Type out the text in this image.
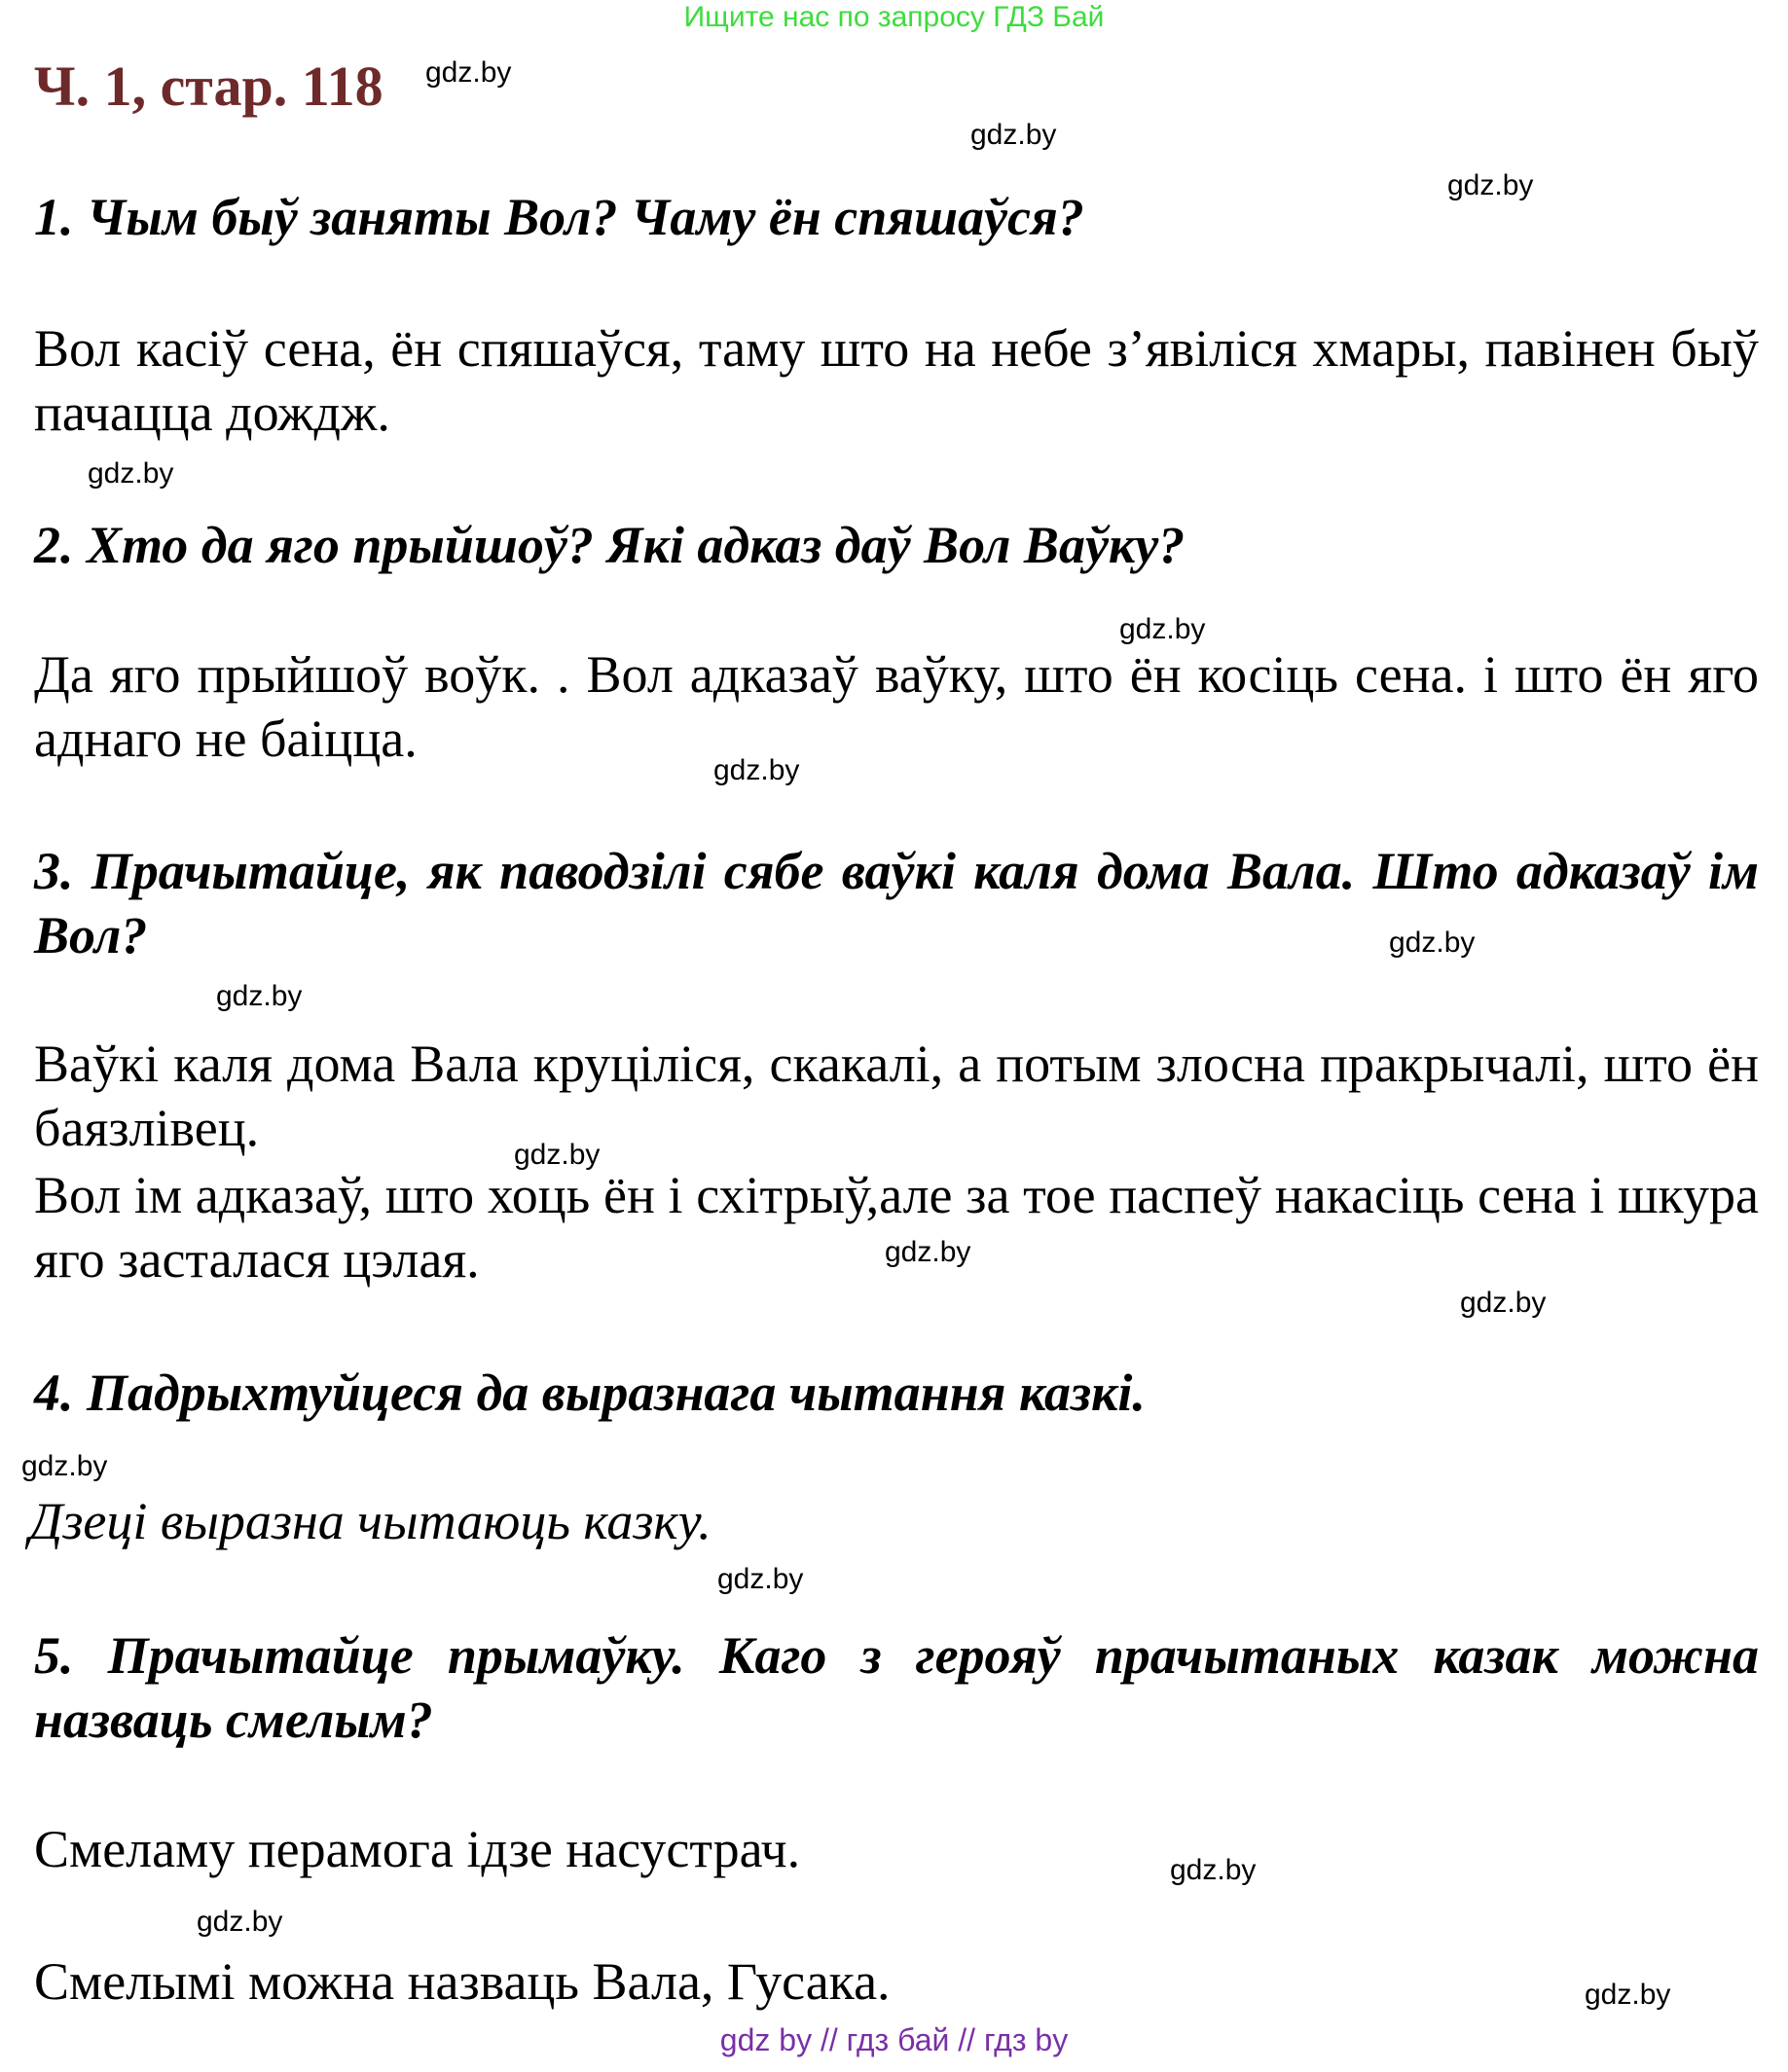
Ищите нас по запросу ГДЗ Бай
Ч. 1, стар. 118 gdz.by
gdz.by
gdz.by
gdz.by
gdz.by
gdz.by
gdz.by
gdz.by
gdz.by
gdz.by
gdz.by
gdz.by
gdz.by
gdz.by
gdz.by
gdz.by
1. Чым быў заняты Вол? Чаму ён спяшаўся?
Вол касіў сена, ён спяшаўся, таму што на небе з’явіліся хмары, павінен быў пачацца дождж.
2. Хто да яго прыйшоў? Які адказ даў Вол Ваўку?
Да яго прыйшоў воўк. . Вол адказаў ваўку, што ён косіць сена. і што ён яго аднаго не баіцца.
3. Прачытайце, як паводзілі сябе ваўкі каля дома Вала. Што адказаў ім Вол?
Ваўкі каля дома Вала круціліся, скакалі, а потым злосна пракрычалі, што ён баязлівец.
Вол ім адказаў, што хоць ён і схітрыў,але за тое паспеў накасіць сена і шкура яго засталася цэлая.
4. Падрыхтуйцеся да выразнага чытання казкі.
Дзеці выразна чытаюць казку.
5. Прачытайце прымаўку. Каго з герояў прачытаных казак можна назваць смелым?
Смеламу перамога ідзе насустрач.
Смелымі можна назваць Вала, Гусака.
gdz by // гдз бай // гдз by
